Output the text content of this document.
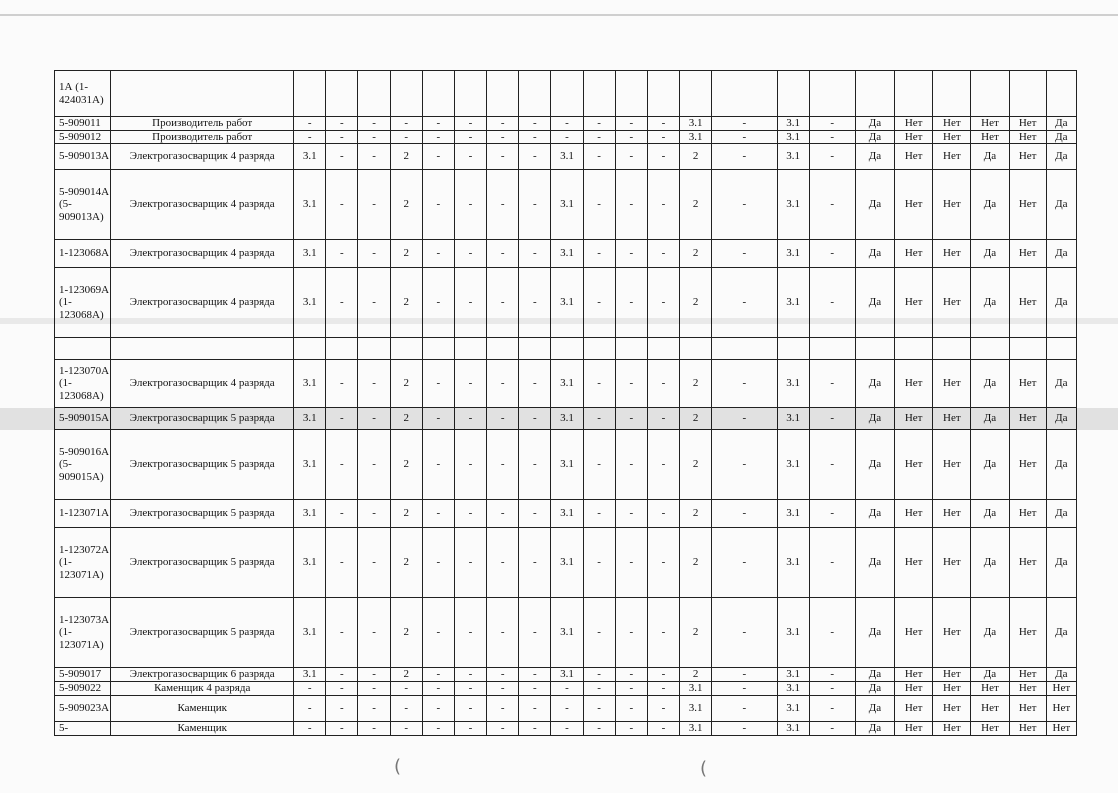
1А (1-424031А)																							
5-909011	Производитель работ	-	-	-	-	-	-	-	-	-	-	-	-	3.1	-	3.1	-	Да	Нет	Нет	Нет	Нет	Да
5-909012	Производитель работ	-	-	-	-	-	-	-	-	-	-	-	-	3.1	-	3.1	-	Да	Нет	Нет	Нет	Нет	Да
5-909013А	Электрогазосварщик 4 разряда	3.1	-	-	2	-	-	-	-	3.1	-	-	-	2	-	3.1	-	Да	Нет	Нет	Да	Нет	Да
5-909014А (5-909013А)	Электрогазосварщик 4 разряда	3.1	-	-	2	-	-	-	-	3.1	-	-	-	2	-	3.1	-	Да	Нет	Нет	Да	Нет	Да
1-123068А	Электрогазосварщик 4 разряда	3.1	-	-	2	-	-	-	-	3.1	-	-	-	2	-	3.1	-	Да	Нет	Нет	Да	Нет	Да
1-123069А (1-123068А)	Электрогазосварщик 4 разряда	3.1	-	-	2	-	-	-	-	3.1	-	-	-	2	-	3.1	-	Да	Нет	Нет	Да	Нет	Да

1-123070А (1-123068А)	Электрогазосварщик 4 разряда	3.1	-	-	2	-	-	-	-	3.1	-	-	-	2	-	3.1	-	Да	Нет	Нет	Да	Нет	Да
5-909015А	Электрогазосварщик 5 разряда	3.1	-	-	2	-	-	-	-	3.1	-	-	-	2	-	3.1	-	Да	Нет	Нет	Да	Нет	Да
5-909016А (5-909015А)	Электрогазосварщик 5 разряда	3.1	-	-	2	-	-	-	-	3.1	-	-	-	2	-	3.1	-	Да	Нет	Нет	Да	Нет	Да
1-123071А	Электрогазосварщик 5 разряда	3.1	-	-	2	-	-	-	-	3.1	-	-	-	2	-	3.1	-	Да	Нет	Нет	Да	Нет	Да
1-123072А (1-123071А)	Электрогазосварщик 5 разряда	3.1	-	-	2	-	-	-	-	3.1	-	-	-	2	-	3.1	-	Да	Нет	Нет	Да	Нет	Да
1-123073А (1-123071А)	Электрогазосварщик 5 разряда	3.1	-	-	2	-	-	-	-	3.1	-	-	-	2	-	3.1	-	Да	Нет	Нет	Да	Нет	Да
5-909017	Электрогазосварщик 6 разряда	3.1	-	-	2	-	-	-	-	3.1	-	-	-	2	-	3.1	-	Да	Нет	Нет	Да	Нет	Да
5-909022	Каменщик 4 разряда	-	-	-	-	-	-	-	-	-	-	-	-	3.1	-	3.1	-	Да	Нет	Нет	Нет	Нет	Нет
5-909023А	Каменщик	-	-	-	-	-	-	-	-	-	-	-	-	3.1	-	3.1	-	Да	Нет	Нет	Нет	Нет	Нет
5-	Каменщик	-	-	-	-	-	-	-	-	-	-	-	-	3.1	-	3.1	-	Да	Нет	Нет	Нет	Нет	Нет
(	(
